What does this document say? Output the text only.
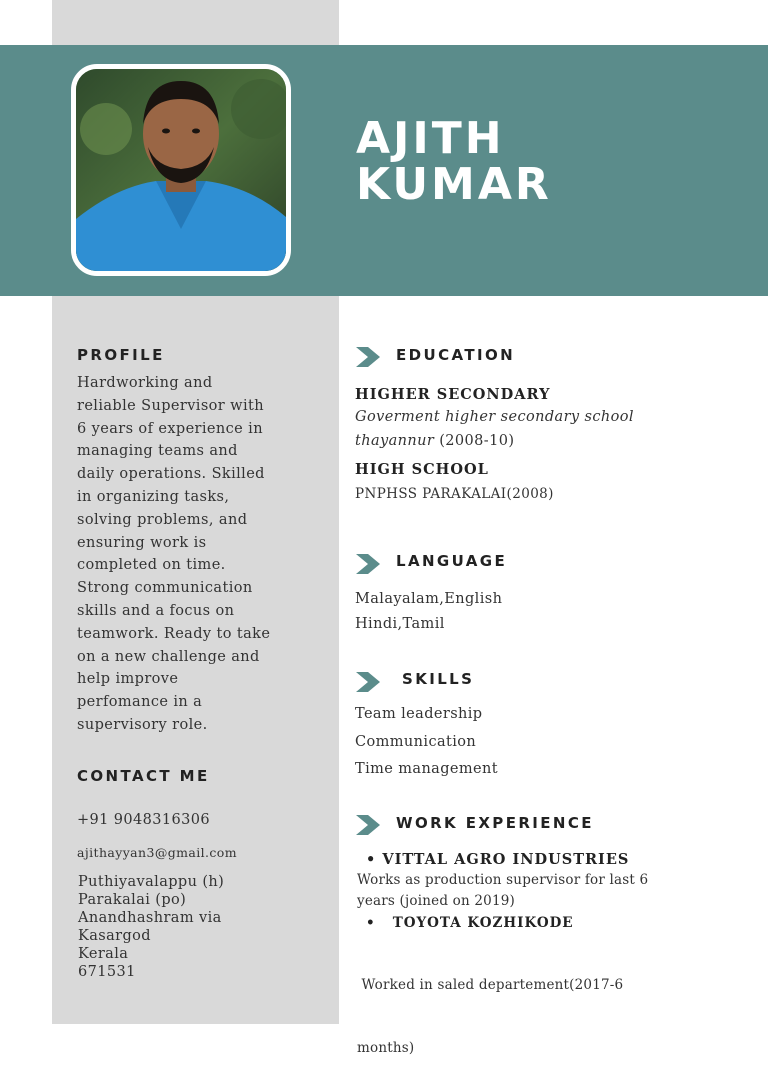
AJITH
KUMAR
PROFILE
Hardworking and
reliable Supervisor with
6 years of experience in
managing teams and
daily operations. Skilled
in organizing tasks,
solving problems, and
ensuring work is
completed on time.
Strong communication
skills and a focus on
teamwork. Ready to take
on a new challenge and
help improve
perfomance in a
supervisory role.
CONTACT ME
+91 9048316306
ajithayyan3@gmail.com
Puthiyavalappu (h)
Parakalai (po)
Anandhashram via
Kasargod
Kerala
671531
EDUCATION
HIGHER SECONDARY
Goverment higher secondary school
thayannur (2008-10)
HIGH SCHOOL
PNPHSS PARAKALAI(2008)
LANGUAGE
Malayalam,English
Hindi,Tamil
SKILLS
Team leadership
Communication
Time management
WORK EXPERIENCE
• VITTAL AGRO INDUSTRIES
Works as production supervisor for last 6
years (joined on 2019)
•   TOYOTA KOZHIKODE

Worked in saled departement(2017-6

months)
